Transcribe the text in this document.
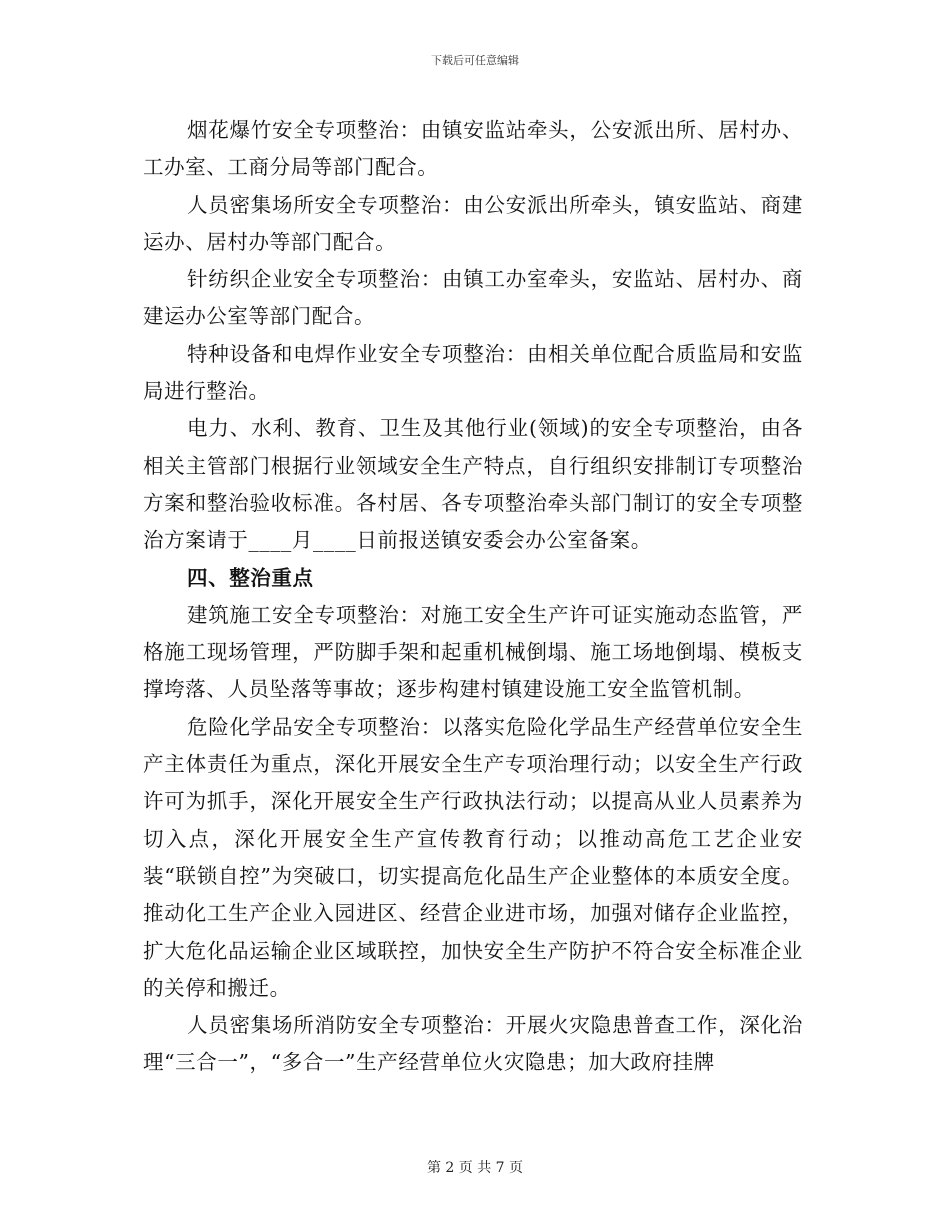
下载后可任意编辑

烟花爆竹安全专项整治：由镇安监站牵头，公安派出所、居村办、工办室、工商分局等部门配合。

人员密集场所安全专项整治：由公安派出所牵头，镇安监站、商建运办、居村办等部门配合。

针纺织企业安全专项整治：由镇工办室牵头，安监站、居村办、商建运办公室等部门配合。

特种设备和电焊作业安全专项整治：由相关单位配合质监局和安监局进行整治。

电力、水利、教育、卫生及其他行业(领域)的安全专项整治，由各相关主管部门根据行业领域安全生产特点，自行组织安排制订专项整治方案和整治验收标准。各村居、各专项整治牵头部门制订的安全专项整治方案请于____月____日前报送镇安委会办公室备案。

四、整治重点

建筑施工安全专项整治：对施工安全生产许可证实施动态监管，严格施工现场管理，严防脚手架和起重机械倒塌、施工场地倒塌、模板支撑垮落、人员坠落等事故；逐步构建村镇建设施工安全监管机制。

危险化学品安全专项整治：以落实危险化学品生产经营单位安全生产主体责任为重点，深化开展安全生产专项治理行动；以安全生产行政许可为抓手，深化开展安全生产行政执法行动；以提高从业人员素养为切入点，深化开展安全生产宣传教育行动；以推动高危工艺企业安装“联锁自控”为突破口，切实提高危化品生产企业整体的本质安全度。推动化工生产企业入园进区、经营企业进市场，加强对储存企业监控，扩大危化品运输企业区域联控，加快安全生产防护不符合安全标准企业的关停和搬迁。

人员密集场所消防安全专项整治：开展火灾隐患普查工作，深化治理“三合一”，“多合一”生产经营单位火灾隐患；加大政府挂牌

第 2 页 共 7 页
